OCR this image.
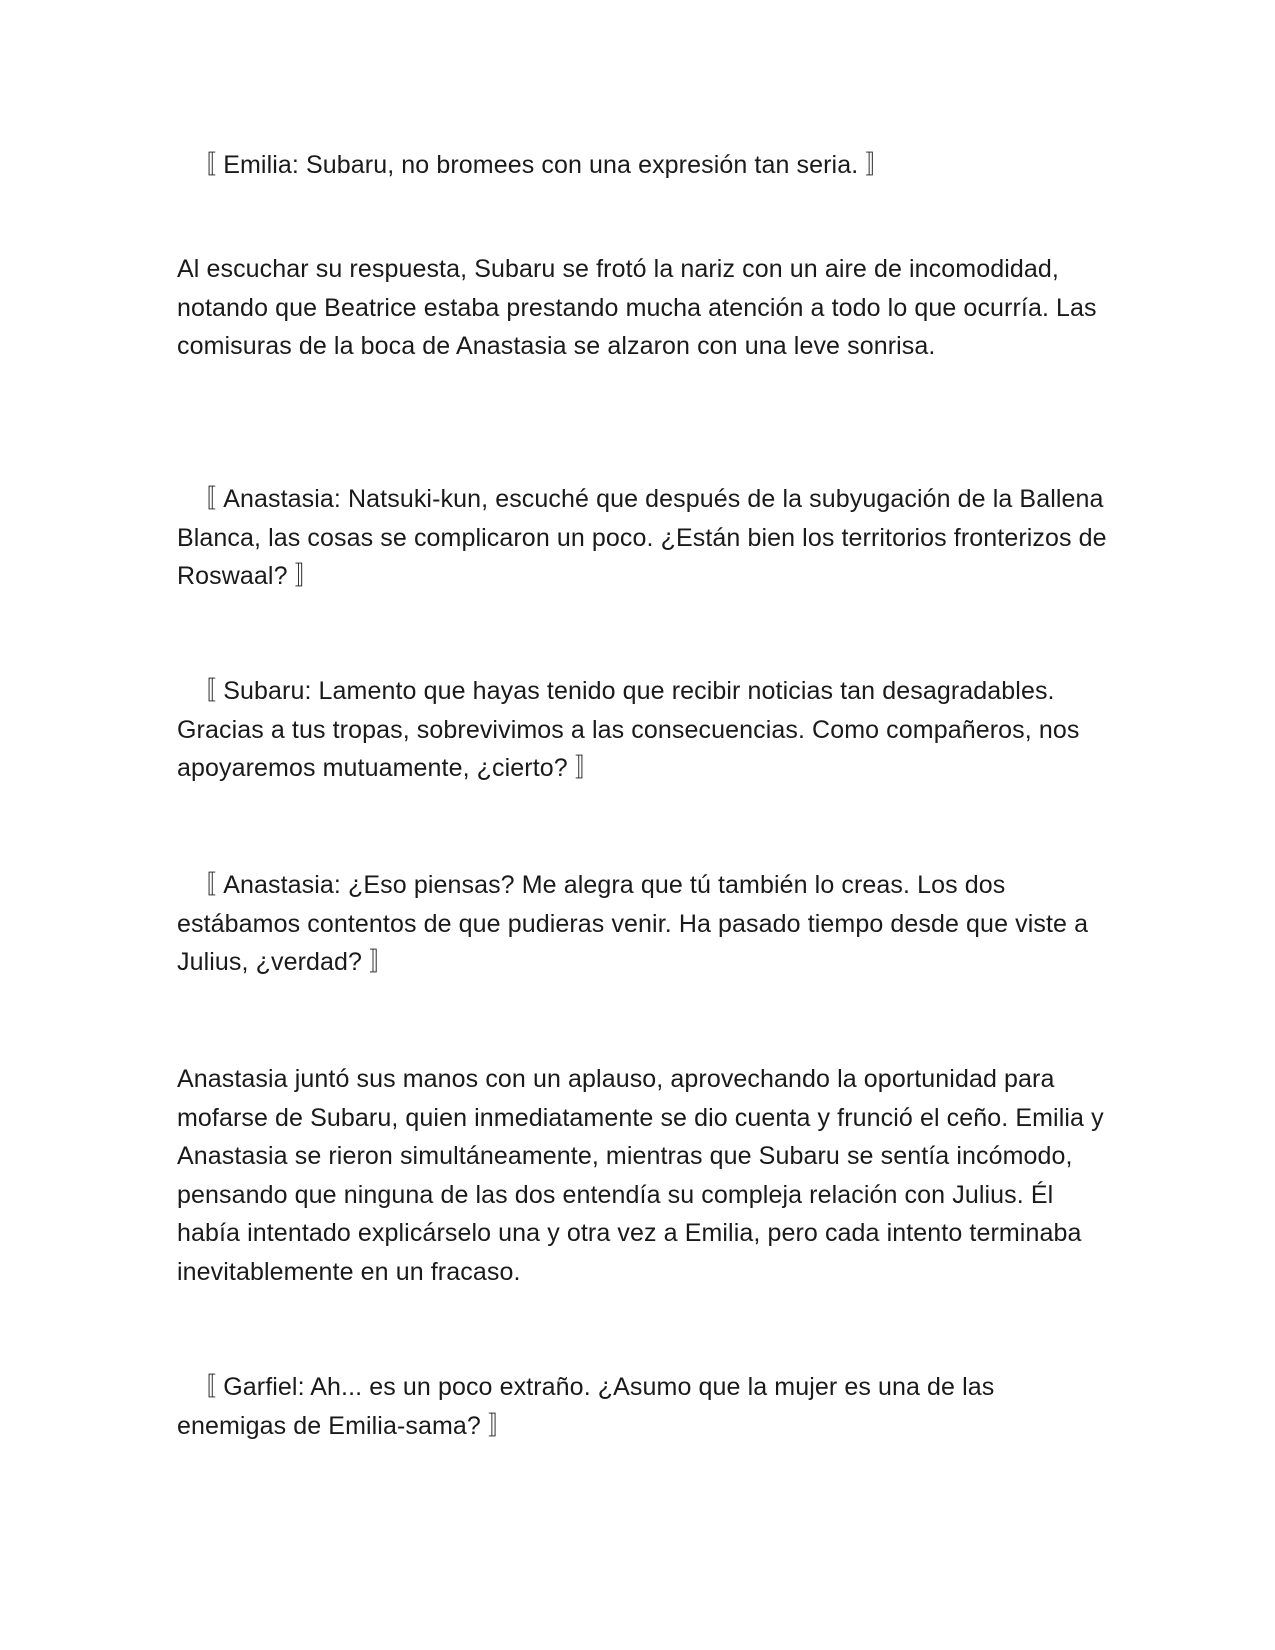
〚 Emilia: Subaru, no bromees con una expresión tan seria. 〛

Al escuchar su respuesta, Subaru se frotó la nariz con un aire de incomodidad, notando que Beatrice estaba prestando mucha atención a todo lo que ocurría. Las comisuras de la boca de Anastasia se alzaron con una leve sonrisa.

〚 Anastasia: Natsuki-kun, escuché que después de la subyugación de la Ballena Blanca, las cosas se complicaron un poco. ¿Están bien los territorios fronterizos de Roswaal? 〛

〚 Subaru: Lamento que hayas tenido que recibir noticias tan desagradables. Gracias a tus tropas, sobrevivimos a las consecuencias. Como compañeros, nos apoyaremos mutuamente, ¿cierto? 〛

〚 Anastasia: ¿Eso piensas? Me alegra que tú también lo creas. Los dos estábamos contentos de que pudieras venir. Ha pasado tiempo desde que viste a Julius, ¿verdad? 〛

Anastasia juntó sus manos con un aplauso, aprovechando la oportunidad para mofarse de Subaru, quien inmediatamente se dio cuenta y frunció el ceño. Emilia y Anastasia se rieron simultáneamente, mientras que Subaru se sentía incómodo, pensando que ninguna de las dos entendía su compleja relación con Julius. Él había intentado explicárselo una y otra vez a Emilia, pero cada intento terminaba inevitablemente en un fracaso.

〚 Garfiel: Ah... es un poco extraño. ¿Asumo que la mujer es una de las enemigas de Emilia-sama? 〛
